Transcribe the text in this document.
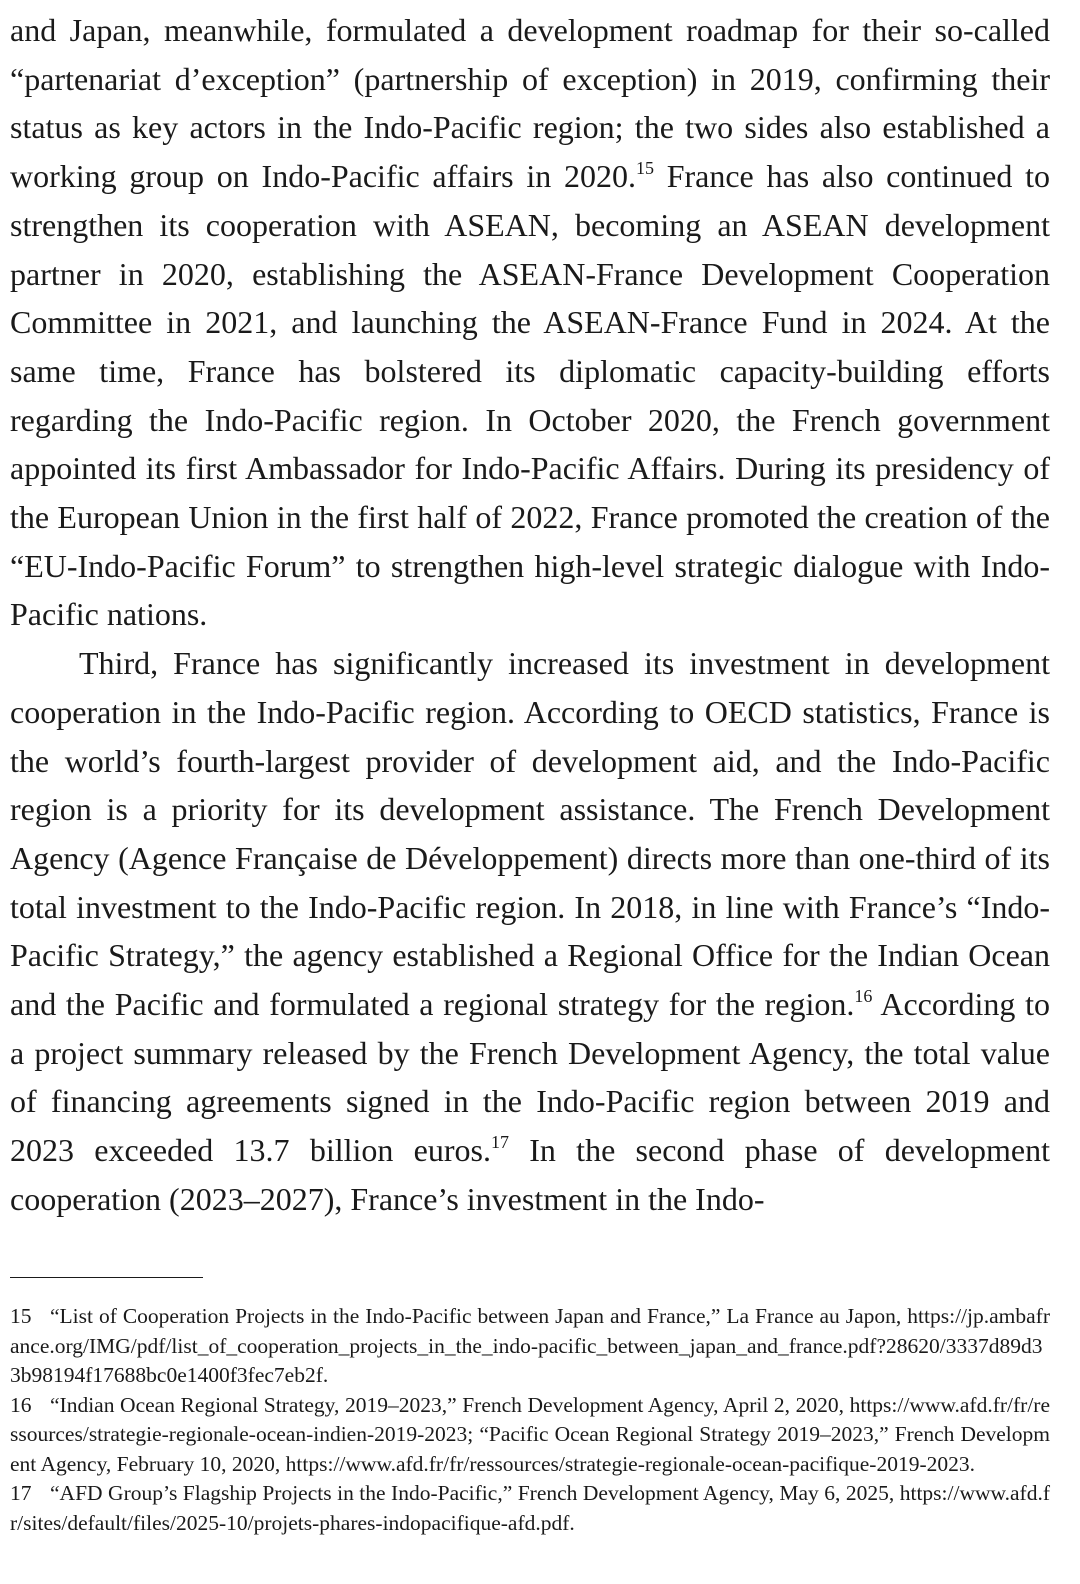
and Japan, meanwhile, formulated a development roadmap for their so-called “partenariat d’exception” (partnership of exception) in 2019, confirming their status as key actors in the Indo-Pacific region; the two sides also established a working group on Indo-Pacific affairs in 2020.15 France has also continued to strengthen its cooperation with ASEAN, becoming an ASEAN development partner in 2020, establishing the ASEAN-France Development Cooperation Committee in 2021, and launching the ASEAN-France Fund in 2024. At the same time, France has bolstered its diplomatic capacity-building efforts regarding the Indo-Pacific region. In October 2020, the French government appointed its first Ambassador for Indo-Pacific Affairs. During its presidency of the European Union in the first half of 2022, France promoted the creation of the “EU-Indo-Pacific Forum” to strengthen high-level strategic dialogue with Indo-Pacific nations.

Third, France has significantly increased its investment in development cooperation in the Indo-Pacific region. According to OECD statistics, France is the world’s fourth-largest provider of development aid, and the Indo-Pacific region is a priority for its development assistance. The French Development Agency (Agence Française de Développement) directs more than one-third of its total investment to the Indo-Pacific region. In 2018, in line with France’s “Indo-Pacific Strategy,” the agency established a Regional Office for the Indian Ocean and the Pacific and formulated a regional strategy for the region.$^{16}$ According to a project summary released by the French Development Agency, the total value of financing agreements signed in the Indo-Pacific region between 2019 and 2023 exceeded 13.7 billion euros.$^{17}$ In the second phase of development cooperation (2023–2027), France’s investment in the Indo-

15 “List of Cooperation Projects in the Indo-Pacific between Japan and France,” La France au Japon, https://jp.ambafrance.org/IMG/pdf/list_of_cooperation_projects_in_the_indo-pacific_between_japan_and_france.pdf?28620/3337d89d33b98194f17688bc0e1400f3fec7eb2f.

16 “Indian Ocean Regional Strategy, 2019–2023,” French Development Agency, April 2, 2020, https://www.afd.fr/fr/ressources/strategie-regionale-ocean-indien-2019-2023; “Pacific Ocean Regional Strategy 2019–2023,” French Development Agency, February 10, 2020, https://www.afd.fr/fr/ressources/strategie-regionale-ocean-pacifique-2019-2023.

17 “AFD Group’s Flagship Projects in the Indo-Pacific,” French Development Agency, May 6, 2025, https://www.afd.fr/sites/default/files/2025-10/projets-phares-indopacifique-afd.pdf.
